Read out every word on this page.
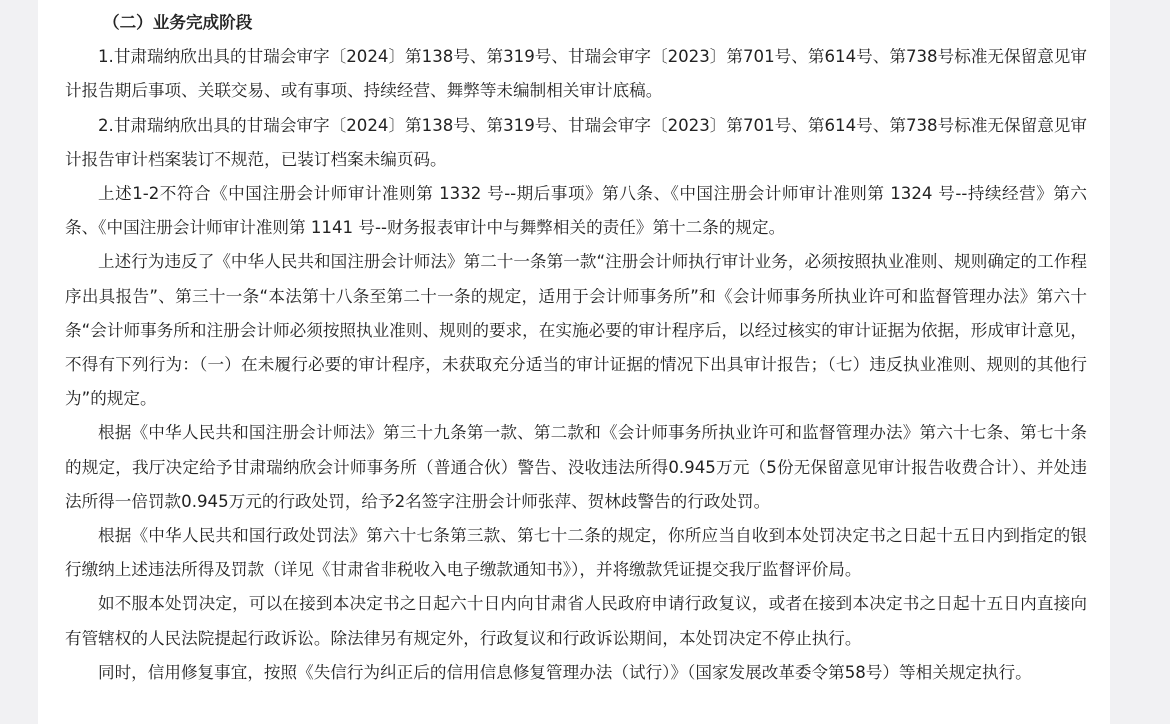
（二）业务完成阶段

1.甘肃瑞纳欣出具的甘瑞会审字〔2024〕第138号、第319号、甘瑞会审字〔2023〕第701号、第614号、第738号标准无保留意见审计报告期后事项、关联交易、或有事项、持续经营、舞弊等未编制相关审计底稿。

2.甘肃瑞纳欣出具的甘瑞会审字〔2024〕第138号、第319号、甘瑞会审字〔2023〕第701号、第614号、第738号标准无保留意见审计报告审计档案装订不规范，已装订档案未编页码。

上述1-2不符合《中国注册会计师审计准则第 1332 号--期后事项》第八条、《中国注册会计师审计准则第 1324 号--持续经营》第六条、《中国注册会计师审计准则第 1141 号--财务报表审计中与舞弊相关的责任》第十二条的规定。

上述行为违反了《中华人民共和国注册会计师法》第二十一条第一款“注册会计师执行审计业务，必须按照执业准则、规则确定的工作程序出具报告”、第三十一条“本法第十八条至第二十一条的规定，适用于会计师事务所”和《会计师事务所执业许可和监督管理办法》第六十条“会计师事务所和注册会计师必须按照执业准则、规则的要求，在实施必要的审计程序后，以经过核实的审计证据为依据，形成审计意见，不得有下列行为：（一）在未履行必要的审计程序，未获取充分适当的审计证据的情况下出具审计报告；（七）违反执业准则、规则的其他行为”的规定。

根据《中华人民共和国注册会计师法》第三十九条第一款、第二款和《会计师事务所执业许可和监督管理办法》第六十七条、第七十条的规定，我厅决定给予甘肃瑞纳欣会计师事务所（普通合伙）警告、没收违法所得0.945万元（5份无保留意见审计报告收费合计）、并处违法所得一倍罚款0.945万元的行政处罚，给予2名签字注册会计师张萍、贺林歧警告的行政处罚。

根据《中华人民共和国行政处罚法》第六十七条第三款、第七十二条的规定，你所应当自收到本处罚决定书之日起十五日内到指定的银行缴纳上述违法所得及罚款（详见《甘肃省非税收入电子缴款通知书》），并将缴款凭证提交我厅监督评价局。

如不服本处罚决定，可以在接到本决定书之日起六十日内向甘肃省人民政府申请行政复议，或者在接到本决定书之日起十五日内直接向有管辖权的人民法院提起行政诉讼。除法律另有规定外，行政复议和行政诉讼期间，本处罚决定不停止执行。

同时，信用修复事宜，按照《失信行为纠正后的信用信息修复管理办法（试行）》（国家发展改革委令第58号）等相关规定执行。
